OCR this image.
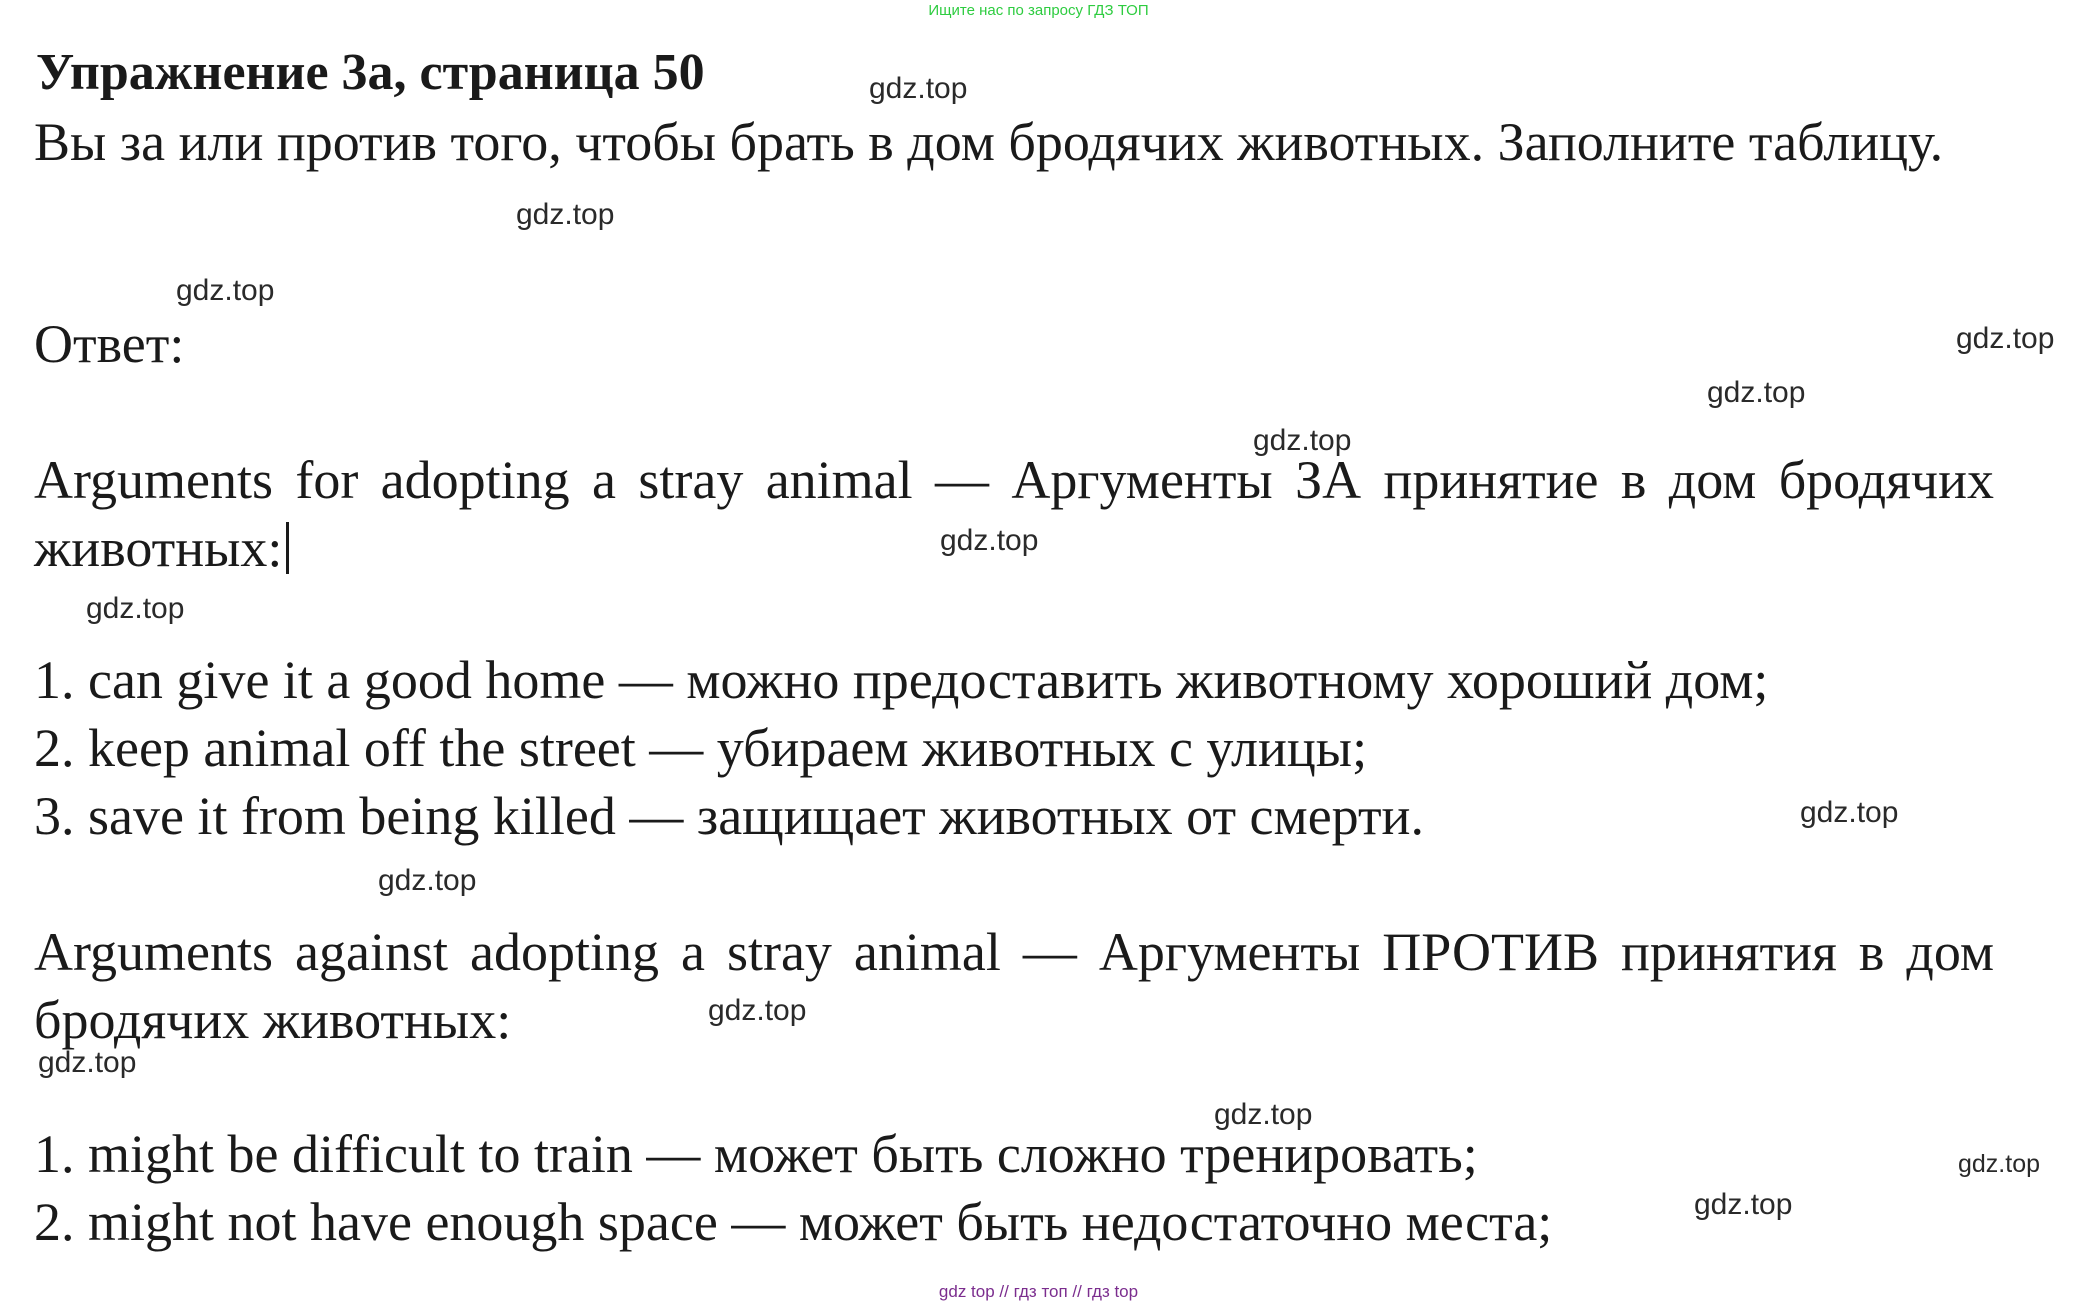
Ищите нас по запросу ГДЗ ТОП
Упражнение 3а, страница 50
Вы за или против того, чтобы брать в дом бродячих животных. Заполните таблицу.
Ответ:
Arguments for adopting a stray animal — Аргументы ЗА принятие в дом бродячих животных:
1. can give it a good home — можно предоставить животному хороший дом;
2. keep animal off the street — убираем животных с улицы;
3. save it from being killed — защищает животных от смерти.
Arguments against adopting a stray animal — Аргументы ПРОТИВ принятия в дом бродячих животных:
1. might be difficult to train — может быть сложно тренировать;
2. might not have enough space — может быть недостаточно места;
gdz.top
gdz.top
gdz.top
gdz.top
gdz.top
gdz.top
gdz.top
gdz.top
gdz.top
gdz.top
gdz.top
gdz.top
gdz.top
gdz.top
gdz.top
gdz top // гдз топ // гдз top
